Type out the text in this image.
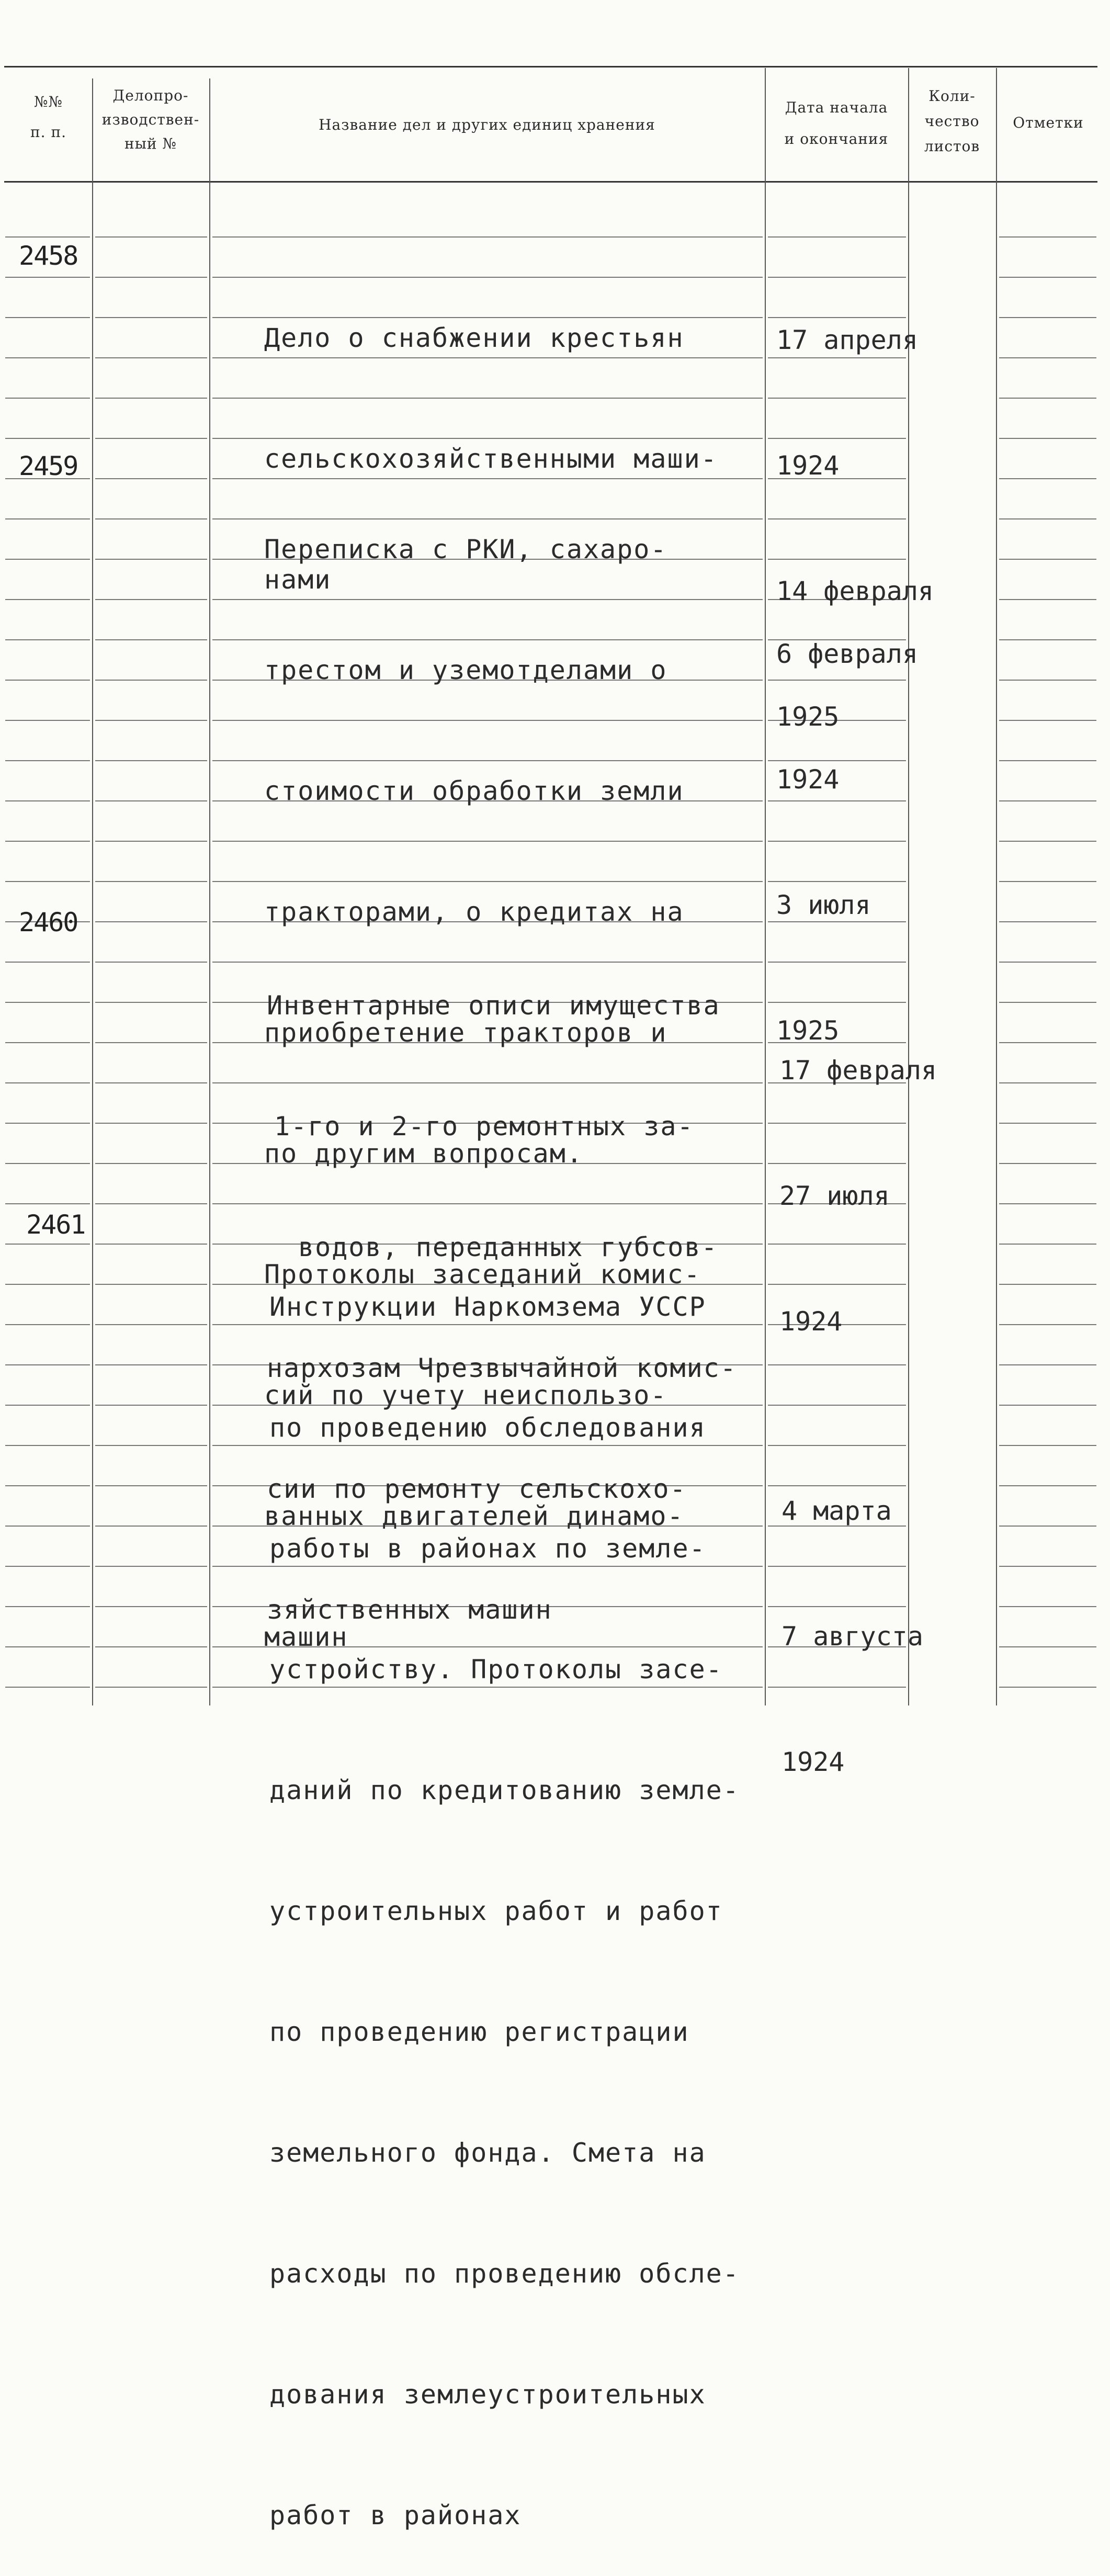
№№
п. п.
Делопро-
изводствен-
ный №
Название дел и других единиц хранения
Дата начала
и окончания
Коли-
чество
листов
Отметки
2458

Дело о снабжении крестьян

сельскохозяйственными маши-

нами

17 апреля

1924

14 февраля

1925

2459

Переписка с РКИ, сахаро-

трестом и уземотделами о

стоимости обработки земли

тракторами, о кредитах на

приобретение тракторов и

по другим вопросам.

Протоколы заседаний комис-

сий по учету неиспользо-

ванных двигателей динамо-

машин

6 февраля

1924

3 июля

1925

2460

Инвентарные описи имущества

1-го и 2-го ремонтных за-

водов, переданных губсов-

нархозам Чрезвычайной комис-

сии по ремонту сельскохо-

зяйственных машин

17 февраля

27 июля

1924

2461

Инструкции Наркомзема УССР

по проведению обследования

работы в районах по земле-

устройству. Протоколы засе-

даний по кредитованию земле-

устроительных работ и работ

по проведению регистрации

земельного фонда. Смета на

расходы по проведению обсле-

дования землеустроительных

работ в районах

4 марта

7 августа

1924
